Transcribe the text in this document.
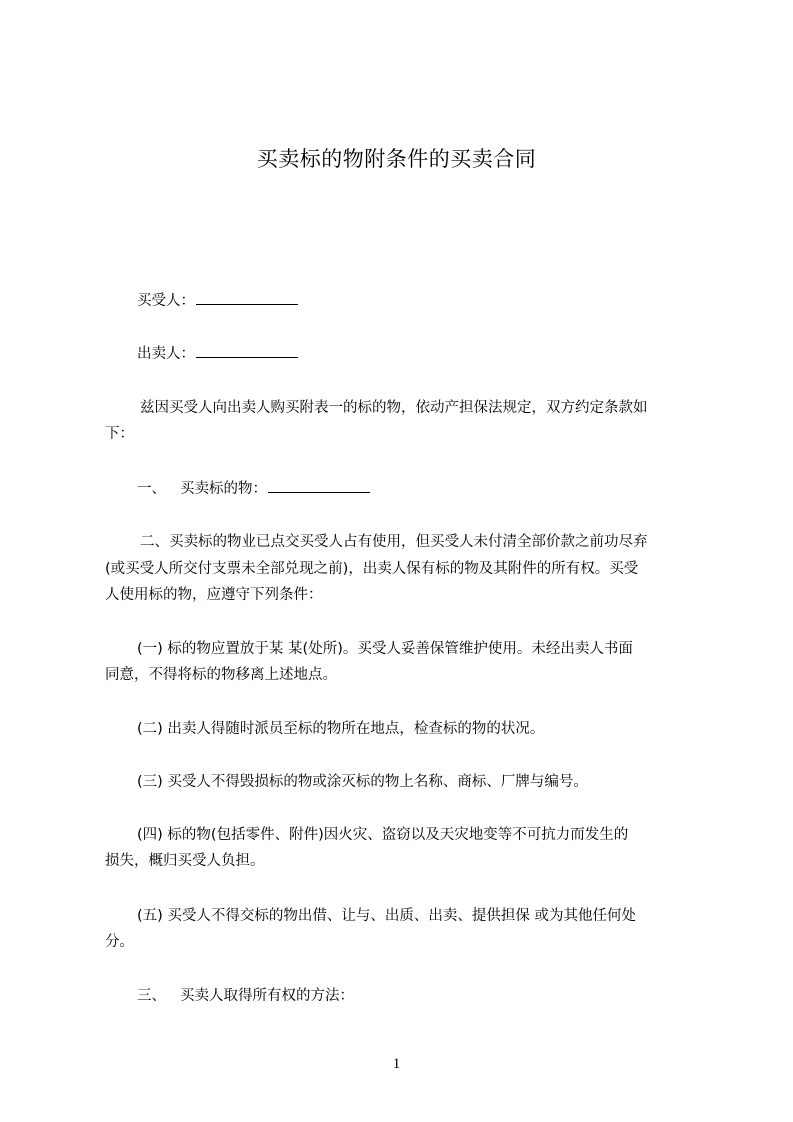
买卖标的物附条件的买卖合同

买受人：

出卖人：

兹因买受人向出卖人购买附表一的标的物，依动产担保法规定，双方约定条款如

下：

一、 买卖标的物：

二、买卖标的物业已点交买受人占有使用，但买受人未付清全部价款之前功尽弃

(或买受人所交付支票未全部兑现之前)，出卖人保有标的物及其附件的所有权。买受

人使用标的物，应遵守下列条件：

(一) 标的物应置放于某 某(处所)。买受人妥善保管维护使用。未经出卖人书面

同意，不得将标的物移离上述地点。

(二) 出卖人得随时派员至标的物所在地点，检查标的物的状况。

(三) 买受人不得毁损标的物或涂灭标的物上名称、商标、厂牌与编号。

(四) 标的物(包括零件、附件)因火灾、盗窃以及天灾地变等不可抗力而发生的

损失，概归买受人负担。

(五) 买受人不得交标的物出借、让与、出质、出卖、提供担保 或为其他任何处

分。

三、 买卖人取得所有权的方法：

1
